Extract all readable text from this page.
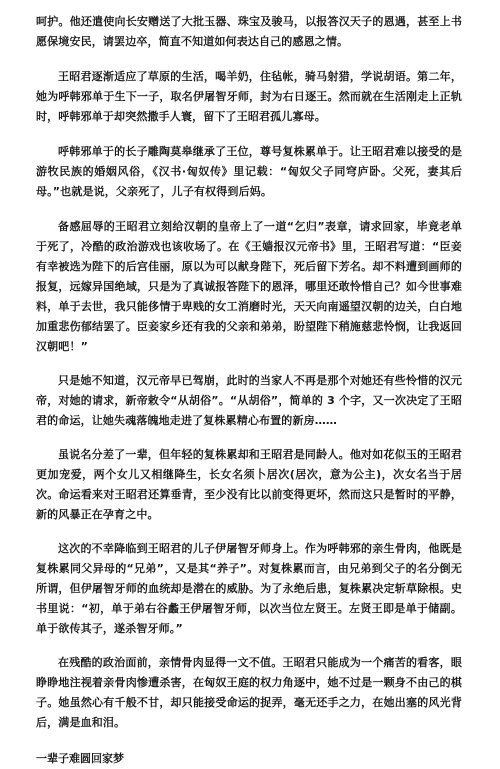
呵护。他还遣使向长安赠送了大批玉器、珠宝及骏马，以报答汉天子的恩遇，甚至上书愿保境安民，请罢边卒，简直不知道如何表达自己的感恩之情。

王昭君逐渐适应了草原的生活，喝羊奶，住毡帐，骑马射猎，学说胡语。第二年，她为呼韩邪单于生下一子，取名伊屠智牙师，封为右日逐王。然而就在生活刚走上正轨时，呼韩邪单于却突然撒手人寰，留下了王昭君孤儿寡母。

呼韩邪单于的长子雕陶莫皋继承了王位，尊号复株累单于。让王昭君难以接受的是游牧民族的婚姻风俗，《汉书·匈奴传》里记载：“匈奴父子同穹庐卧。父死，妻其后母。”也就是说，父亲死了，儿子有权得到后妈。

备感屈辱的王昭君立刻给汉朝的皇帝上了一道“乞归”表章，请求回家，毕竟老单于死了，冷酷的政治游戏也该收场了。在《王嫱报汉元帝书》里，王昭君写道：“臣妾有幸被选为陛下的后宫佳丽，原以为可以献身陛下，死后留下芳名。却不料遭到画师的报复，远嫁异国绝域，只是为了真诚报答陛下的恩泽，哪里还敢怜惜自己？如今世事难料，单于去世，我只能侈情于卑贱的女工消磨时光，天天向南遥望汉朝的边关，白白地加重悲伤郁结罢了。臣妾家乡还有我的父亲和弟弟，盼望陛下稍施慈悲怜悯，让我返回汉朝吧！”

只是她不知道，汉元帝早已驾崩，此时的当家人不再是那个对她还有些怜惜的汉元帝，对她的请求，新帝敕令“从胡俗”。“从胡俗”，简单的 3 个字，又一次决定了王昭君的命运，让她失魂落魄地走进了复株累精心布置的新房……

虽说名分差了一辈，但年轻的复株累却和王昭君是同龄人。他对如花似玉的王昭君更加宠爱，两个女儿又相继降生，长女名须卜居次(居次，意为公主)，次女名当于居次。命运看来对王昭君还算垂青，至少没有比以前变得更坏，然而这只是暂时的平静，新的风暴正在孕育之中。

这次的不幸降临到王昭君的儿子伊屠智牙师身上。作为呼韩邪的亲生骨肉，他既是复株累同父异母的“兄弟”，又是其“养子”。对复株累而言，由兄弟到父子的名分倒无所谓，但伊屠智牙师的血统却是潜在的威胁。为了永绝后患，复株累决定斩草除根。史书里说：“初，单于弟右谷蠡王伊屠智牙师，以次当位左贤王。左贤王即是单于储副。单于欲传其子，遂杀智牙师。”

在残酷的政治面前，亲情骨肉显得一文不值。王昭君只能成为一个痛苦的看客，眼睁睁地注视着亲骨肉惨遭杀害，在匈奴王庭的权力角逐中，她不过是一颗身不由己的棋子。她虽然心有千般不甘，却只能接受命运的捉弄，毫无还手之力，在她出塞的风光背后，满是血和泪。

一辈子难圆回家梦
